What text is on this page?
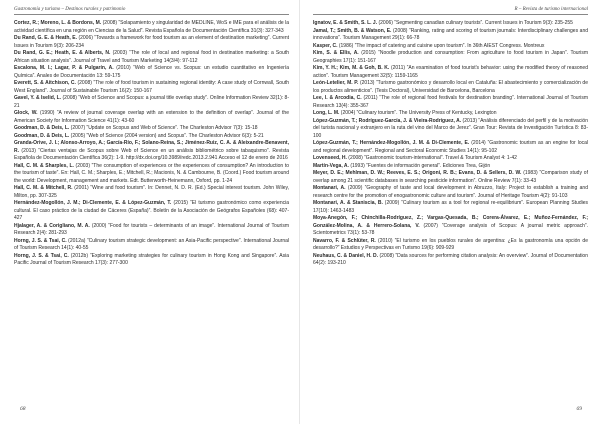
Gastronomía y turismo – Destinos rurales y patrimonio

Cortez, R.; Moreno, L. & Bordons, M. (2008) “Solapamiento y singularidad de MEDLINE, WoS e IME para el análisis de la actividad científica en una región en Ciencias de la Salud”. Revista Española de Documentación Científica 31(3): 327-343

Du Rand, G. E. & Heath, E. (2006) “Towards a framework for food tourism as an element of destination marketing”. Current Issues in Tourism 9(3): 206-234

Du Rand, G. E.; Heath, E. & Alberts, N. (2003) “The role of local and regional food in destination marketing: a South African situation analysis”. Journal of Travel and Tourism Marketing 14(3/4): 97-112

Escalona, M. I.; Lagar, P. & Pulgarín, A. (2010) “Web of Science vs. Scopus: un estudio cuantitativo en Ingeniería Química”. Anales de Documentación 13: 59-175

Everett, S. & Aitchison, C. (2008) “The role of food tourism in sustaining regional identity: A case study of Cornwall, South West England”. Journal of Sustainable Tourism 16(2): 150-167

Gavel, Y. & Iselid, L. (2008) “Web of Science and Scopus: a journal title overlap study”. Online Information Review 32(1): 8-21

Glock, W. (1990) “A review of journal coverage overlap with an extension to the definition of overlap”. Journal of the American Society for Information Science 41(1): 43-60

Goodman, D. & Deis, L. (2007) “Update on Scopus and Web of Science”. The Charleston Advisor 7(3): 15-18

Goodman, D. & Deis, L. (2005) “Web of Science (2004 version) and Scopus”. The Charleston Advisor 6(3): 5-21

Granda-Orive, J. I.; Alonso-Arroyo, A.; García-Río, F.; Solano-Reina, S.; Jiménez-Ruiz, C. A. & Aleixandre-Benavent, R. (2013) “Ciertas ventajas de Scopus sobre Web of Science en un análisis bibliométrico sobre tabaquismo”. Revista Española de Documentación Científica 36(2): 1-9. http://dx.doi.org/10.3989/redc.2013.2.941 Acceso el 12 de enero de 2016

Hall, C. M. & Sharples, L. (2003) “The consumption of experiences or the experiences of consumption? An introduction to the tourism of taste”. En: Hall, C. M.; Sharples, E.; Mitchell, R.; Macionis, N. & Cambourne, B. (Coord.) Food tourism around the world: Development, management and markets. Edt. Butterworth-Heinemann, Oxford, pp. 1-24

Hall, C. M. & Mitchell, R. (2001) “Wine and food tourism”. In: Dennet, N. D. R. (Ed.) Special interest tourism. John Wiley, Milton, pp. 307-325

Hernández-Mogollón, J. M.; Di-Clemente, E. & López-Guzmán, T. (2015) “El turismo gastronómico como experiencia cultural. El caso práctico de la ciudad de Cáceres (España)”. Boletín de la Asociación de Geógrafos Españoles (68): 407-427

Hjalager, A. & Corigliano, M. A. (2000) “Food for tourists – determinants of an image”. International Journal of Tourism Research 2(4): 281-293

Horng, J. S. & Tsai, C. (2012a) “Culinary tourism strategic development: an Asia-Pacific perspective”. International Journal of Tourism Research 14(1): 40-55

Horng, J. S. & Tsai, C. (2012b) “Exploring marketing strategies for culinary tourism in Hong Kong and Singapore”. Asia Pacific Journal of Tourism Research 17(3): 277-300

68
R – Revista de turismo internacional

Ignatov, E. & Smith, S. L. J. (2006) “Segmenting canadian culinary tourists”. Current Issues in Tourism 9(3): 235-255

Jamal, T.; Smith, B. & Watson, E. (2008) “Ranking, rating and scoring of tourism journals: Interdisciplinary challenges and innovations”. Tourism Management 29(1): 66-78

Kasper, C. (1986) “The impact of catering and cuisine upon tourism”. In 36th AIEST Congress. Montreux

Kim, S. & Ellis, A. (2015) “Noodle production and consumption: From agriculture to food tourism in Japan”. Tourism Geographies 17(1): 151-167

Kim, Y. H.; Kim, M. & Goh, B. K. (2011) “An examination of food tourist's behavior: using the modified theory of reasoned action”. Tourism Management 32(5): 1159-1165

León-Letelier, M. P. (2013) “Turismo gastronómico y desarrollo local en Cataluña: El abastecimiento y comercialización de los productos alimenticios”. (Tesis Doctoral), Universidad de Barcelona, Barcelona

Lee, I. & Arcodia, C. (2011) “The role of regional food festivals for destination branding”. International Journal of Tourism Research 13(4): 355-367

Long, L. M. (2004) “Culinary tourism”. The University Press of Kentucky, Lexington

López-Guzmán, T.; Rodríguez-García, J. & Vieira-Rodríguez, A. (2013) “Análisis diferenciado del perfil y de la motivación del turista nacional y extranjero en la ruta del vino del Marco de Jerez”. Gran Tour: Revista de Investigación Turística 8: 83-100

López-Guzmán, T.; Hernández-Mogollón, J. M. & Di-Clemente, E. (2014) “Gastronomic tourism as an engine for local and regional development”. Regional and Sectoral Economic Studies 14(1): 95-102

Lovenseed, H. (2008) “Gastronomic tourism-international”. Travel & Tourism Analyst 4: 1-42

Martín-Vega, A. (1993) “Fuentes de información general”. Ediciones Trea, Gijón

Meyer, D. E.; Mehlman, D. W.; Reeves, E. S.; Origoni, R. B.; Evans, D. & Sellers, D. W. (1983) “Comparison study of overlap among 21 scientific databases in searching pesticide information”. Online Review 7(1): 33-43

Montanari, A. (2009) “Geography of taste and local development in Abruzzo, Italy: Project to establish a training and research centre for the promotion of enogastronomic culture and tourism”. Journal of Heritage Tourism 4(2): 91-103

Montanari, A. & Staniscia, B. (2009) “Culinary tourism as a tool for regional re-equilibrium”. European Planning Studies 17(10): 1463-1483

Moya-Anegón, F.; Chinchilla-Rodríguez, Z.; Vargas-Quesada, B.; Corera-Álvarez, E.; Muñoz-Fernández, F.; González-Molina, A. & Herrero-Solana, V. (2007) “Coverage analysis of Scopus: A journal metric approach”. Scientometrics 73(1): 53-78

Navarro, F. & Schlüter, R. (2010) “El turismo en los pueblos rurales de argentina: ¿Es la gastronomía una opción de desarrollo?” Estudios y Perspectivas en Turismo 19(6): 909-929

Neuhaus, C. & Daniel, H. D. (2008) “Data sources for performing citation analysis: An overview”. Journal of Documentation 64(2): 193-210

69
